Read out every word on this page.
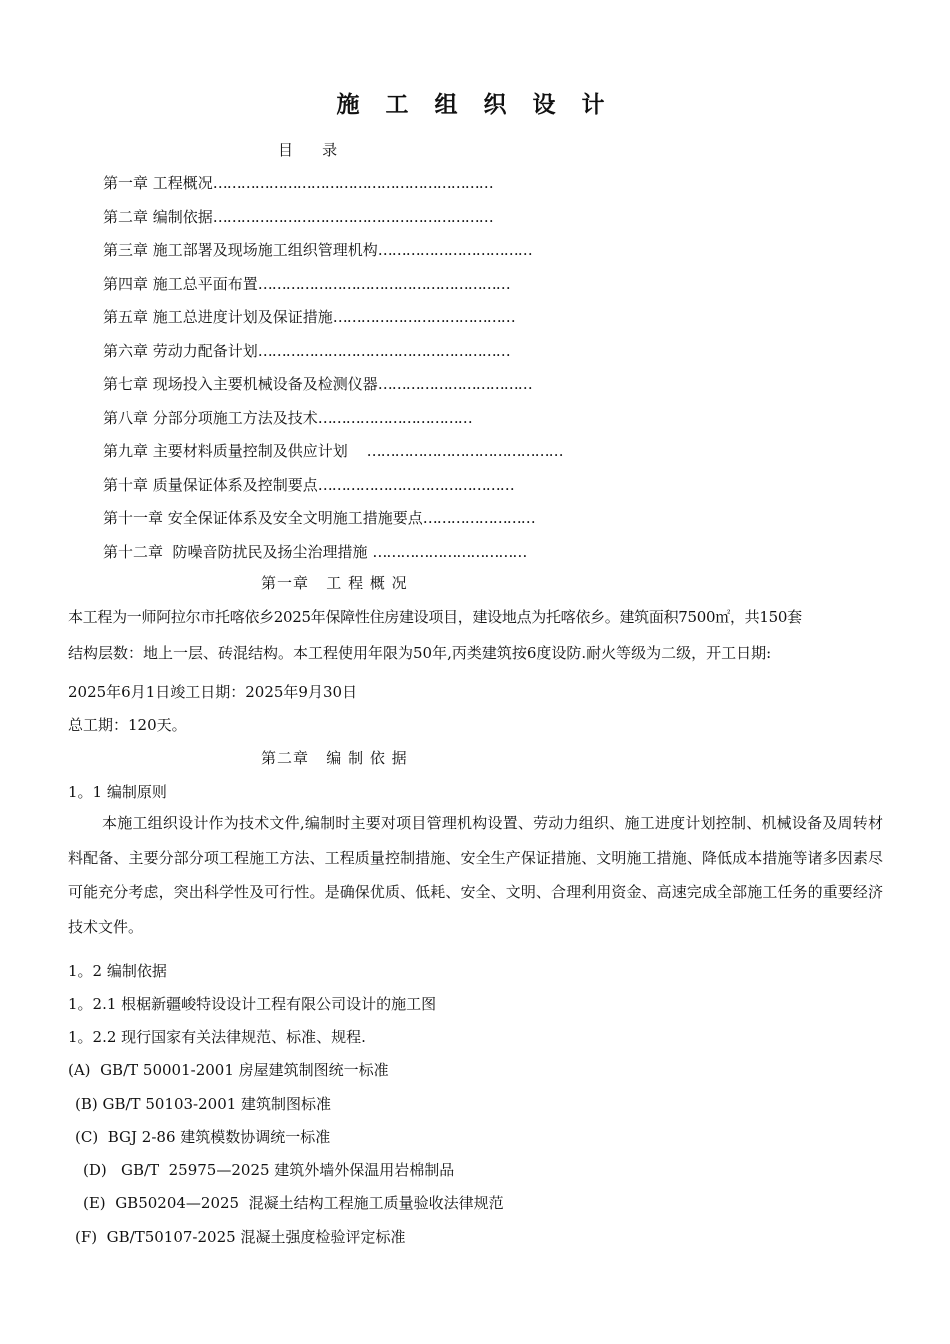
施 工 组 织 设 计
目    录
第一章 工程概况……………………………………………………
第二章 编制依据……………………………………………………
第三章 施工部署及现场施工组织管理机构……………………………
第四章 施工总平面布置………………………………………………
第五章 施工总进度计划及保证措施…………………………………
第六章 劳动力配备计划………………………………………………
第七章 现场投入主要机械设备及检测仪器……………………………
第八章 分部分项施工方法及技术……………………………
第九章 主要材料质量控制及供应计划     ……………………………………
第十章 质量保证体系及控制要点……………………………………
第十一章 安全保证体系及安全文明施工措施要点……………………
第十二章  防噪音防扰民及扬尘治理措施 ……………………………
第一章   工 程 概 况
本工程为一师阿拉尔市托喀依乡2025年保障性住房建设项目，建设地点为托喀依乡。建筑面积7500㎡，共150套
结构层数：地上一层、砖混结构。本工程使用年限为50年,丙类建筑按6度设防.耐火等级为二级，开工日期:
2025年6月1日竣工日期：2025年9月30日
总工期：120天。
第二章   编 制 依 据
1。1 编制原则
本施工组织设计作为技术文件,编制时主要对项目管理机构设置、劳动力组织、施工进度计划控制、机械设备及周转材料配备、主要分部分项工程施工方法、工程质量控制措施、安全生产保证措施、文明施工措施、降低成本措施等诸多因素尽可能充分考虑，突出科学性及可行性。是确保优质、低耗、安全、文明、合理利用资金、高速完成全部施工任务的重要经济技术文件。
1。2 编制依据
1。2.1 根椐新疆峻特设设计工程有限公司设计的施工图
1。2.2 现行国家有关法律规范、标准、规程.
(A)  GB/T 50001-2001 房屋建筑制图统一标准
(B) GB/T 50103-2001 建筑制图标准
(C)  BGJ 2-86 建筑模数协调统一标准
(D)   GB/T  25975—2025 建筑外墙外保温用岩棉制品
(E)  GB50204—2025  混凝土结构工程施工质量验收法律规范
(F)  GB/T50107-2025 混凝土强度检验评定标准
